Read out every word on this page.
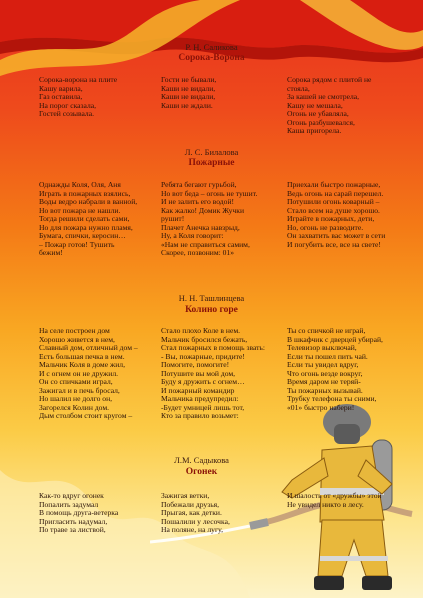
Р. Н. Саликова
Сорока-Ворона
Сорока-ворона на плите
Кашу варила,
Газ оставила,
На порог сказала,
Гостей созывала.
Гости не бывали,
Каши не видали,
Каши не видали,
Каши не ждали.
Сорока рядом с плитой не
стояла,
За кашей не смотрела,
Кашу не мешала,
Огонь не убавляла,
Огонь разбушевался,
Каша пригорела.
Л. С. Билалова
Пожарные
Однажды Коля, Оля, Аня
Играть в пожарных взялись,
Воды ведро набрали в ванной,
Но вот пожара не нашли.
Тогда решили сделать сами,
Но для пожара нужно пламя,
Бумага, спички, керосин…
– Пожар готов! Тушить
бежим!
Ребята бегают гурьбой,
Но вот беда – огонь не тушит.
И не залить его водой!
Как жалко! Домик Жучки
рушит!
Плачет Анечка навзрыд,
Ну, а Коля говорит:
«Нам не справиться самим,
Скорее, позвоним: 01»
Приехали быстро пожарные,
Ведь огонь на сарай перешел.
Потушили огонь коварный –
Стало всем на душе хорошо.
Играйте в пожарных, дети,
Но, огонь не разводите.
Он захватить вас может в сети
И погубить все, все на свете!
Н. Н. Ташлинцева
Колино горе
На селе построен дом
Хорошо живется в нем,
Славный дом, отличный дом –
Есть большая печка в нем.
Мальчик Коля в доме жил,
И с огнем он не дружил.
Он со спичками играл,
Зажигал и в печь бросал,
Но шалил не долго он,
Загорелся Колин дом.
Дым столбом стоит кругом –
Стало плохо Коле в нем.
Мальчик бросился бежать,
Стал пожарных в помощь звать:
- Вы, пожарные, придите!
Помогите, помогите!
Потушите вы мой дом,
Буду я дружить с огнем…
И пожарный командир
Мальчика предупредил:
-Будет умницей лишь тот,
Кто за правило возьмет:
Ты со спичкой не играй,
В шкафчик с дверцей убирай,
Телевизор выключай,
Если ты пошел пить чай.
Если ты увидел вдруг,
Что огонь везде вокруг,
Время даром не теряй-
Ты пожарных вызывай.
Трубку телефона ты сними,
«01» быстро набери!
Л.М. Садыкова
Огонек
Как-то вдруг огонек
Попалить задумал
В помощь друга-ветерка
Пригласить надумал,
По траве за листвой,
Зажигая ветки,
Побежали друзья,
Прыгая, как детки.
Пошалили у лесочка,
На поляне, на лугу,
И шалость от «дружбы» этой
Не увидел никто в лесу.
